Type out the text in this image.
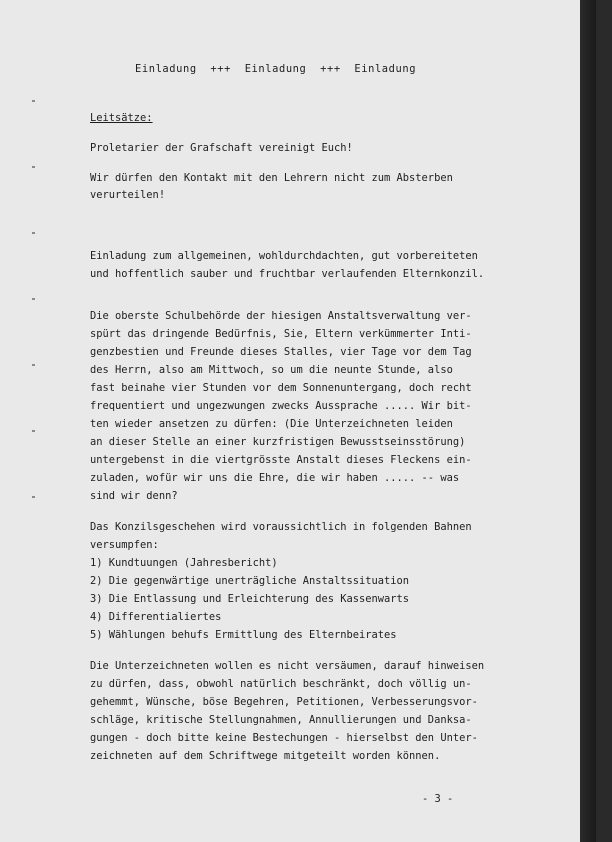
Einladung  +++  Einladung  +++  Einladung
Leitsätze:
Proletarier der Grafschaft vereinigt Euch!
Wir dürfen den Kontakt mit den Lehrern nicht zum Absterben
verurteilen!
Einladung zum allgemeinen, wohldurchdachten, gut vorbereiteten
und hoffentlich sauber und fruchtbar verlaufenden Elternkonzil.
Die oberste Schulbehörde der hiesigen Anstaltsverwaltung ver-
spürt das dringende Bedürfnis, Sie, Eltern verkümmerter Inti-
genzbestien und Freunde dieses Stalles, vier Tage vor dem Tag
des Herrn, also am Mittwoch, so um die neunte Stunde, also
fast beinahe vier Stunden vor dem Sonnenuntergang, doch recht
frequentiert und ungezwungen zwecks Aussprache ..... Wir bit-
ten wieder ansetzen zu dürfen: (Die Unterzeichneten leiden
an dieser Stelle an einer kurzfristigen Bewusstseinsstörung)
untergebenst in die viertgrösste Anstalt dieses Fleckens ein-
zuladen, wofür wir uns die Ehre, die wir haben ..... -- was
sind wir denn?
Das Konzilsgeschehen wird voraussichtlich in folgenden Bahnen
versumpfen:
1) Kundtuungen (Jahresbericht)
2) Die gegenwärtige unerträgliche Anstaltssituation
3) Die Entlassung und Erleichterung des Kassenwarts
4) Differentialiertes
5) Wählungen behufs Ermittlung des Elternbeirates
Die Unterzeichneten wollen es nicht versäumen, darauf hinweisen
zu dürfen, dass, obwohl natürlich beschränkt, doch völlig un-
gehemmt, Wünsche, böse Begehren, Petitionen, Verbesserungsvor-
schläge, kritische Stellungnahmen, Annullierungen und Danksa-
gungen - doch bitte keine Bestechungen - hierselbst den Unter-
zeichneten auf dem Schriftwege mitgeteilt worden können.
- 3 -
